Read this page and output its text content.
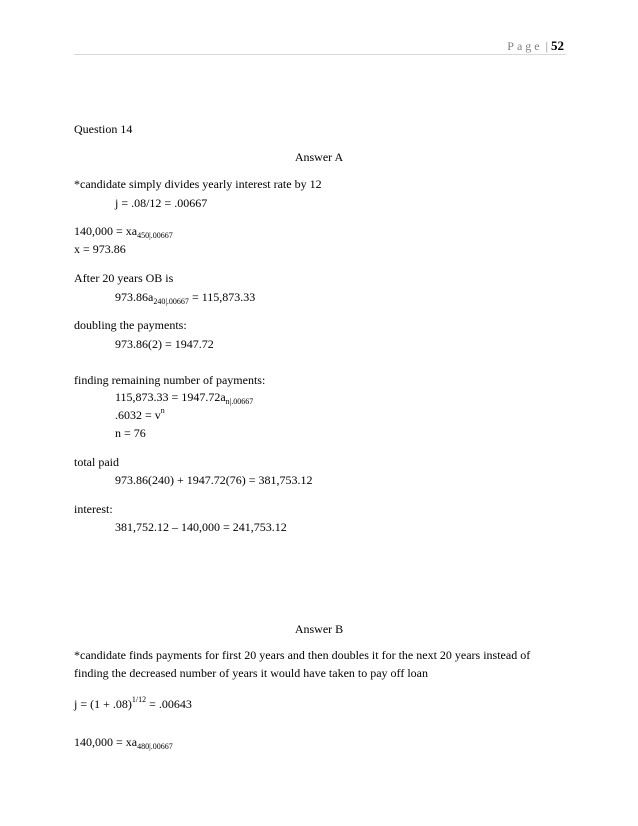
Page | 52
Question 14
Answer A
*candidate simply divides yearly interest rate by 12
j = .08/12 = .00667
$140,000 = xa_{450|.00667}$
x = 973.86
After 20 years OB is
$973.86a_{240|.00667} = 115,873.33$
doubling the payments:
973.86(2) = 1947.72
finding remaining number of payments:
$115,873.33 = 1947.72a_{n|.00667}$
$.6032 = v^n$
n = 76
total paid
973.86(240) + 1947.72(76) = 381,753.12
interest:
381,752.12 – 140,000 = 241,753.12
Answer B
*candidate finds payments for first 20 years and then doubles it for the next 20 years instead of
finding the decreased number of years it would have taken to pay off loan
$j = (1 + .08)^{1/12} = .00643$
$140,000 = xa_{480|.00667}$
